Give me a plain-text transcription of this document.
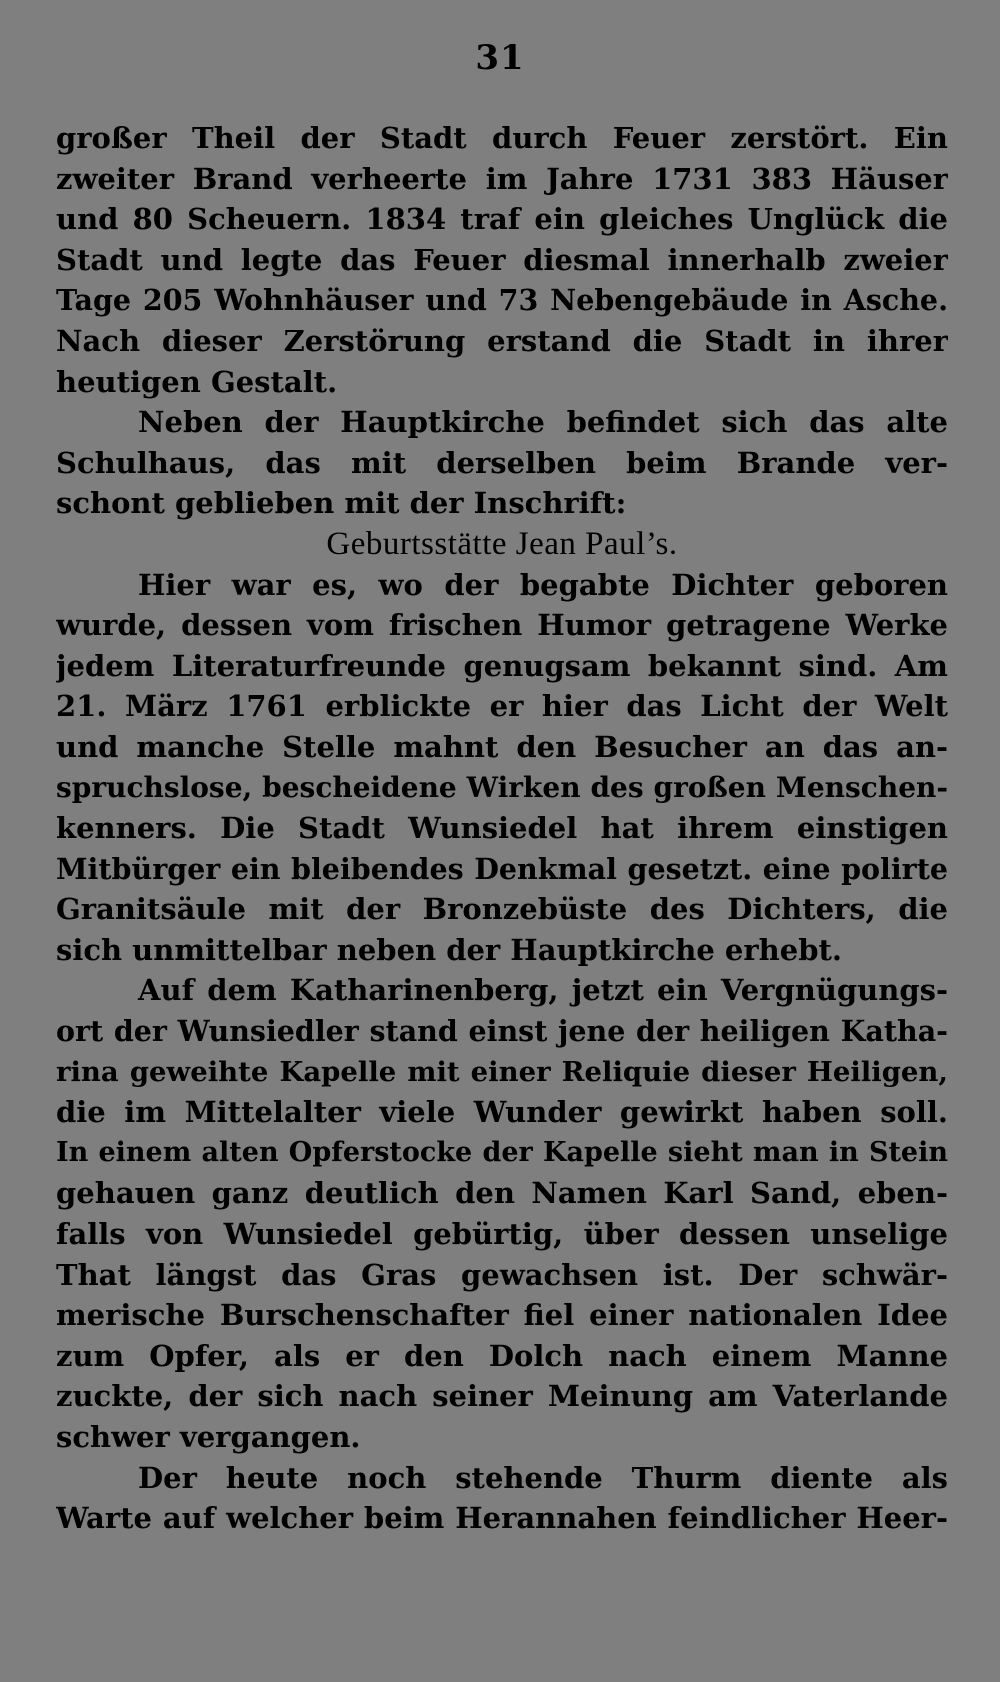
31
großer Theil der Stadt durch Feuer zerstört. Ein
zweiter Brand verheerte im Jahre 1731 383 Häuser
und 80 Scheuern. 1834 traf ein gleiches Unglück die
Stadt und legte das Feuer diesmal innerhalb zweier
Tage 205 Wohnhäuser und 73 Nebengebäude in Asche.
Nach dieser Zerstörung erstand die Stadt in ihrer
heutigen Gestalt.
Neben der Hauptkirche befindet sich das alte
Schulhaus, das mit derselben beim Brande ver-
schont geblieben mit der Inschrift:
Geburtsstätte Jean Paul’s.
Hier war es, wo der begabte Dichter geboren
wurde, dessen vom frischen Humor getragene Werke
jedem Literaturfreunde genugsam bekannt sind. Am
21. März 1761 erblickte er hier das Licht der Welt
und manche Stelle mahnt den Besucher an das an-
spruchslose, bescheidene Wirken des großen Menschen-
kenners. Die Stadt Wunsiedel hat ihrem einstigen
Mitbürger ein bleibendes Denkmal gesetzt. eine polirte
Granitsäule mit der Bronzebüste des Dichters, die
sich unmittelbar neben der Hauptkirche erhebt.
Auf dem Katharinenberg, jetzt ein Vergnügungs-
ort der Wunsiedler stand einst jene der heiligen Katha-
rina geweihte Kapelle mit einer Reliquie dieser Heiligen,
die im Mittelalter viele Wunder gewirkt haben soll.
In einem alten Opferstocke der Kapelle sieht man in Stein
gehauen ganz deutlich den Namen Karl Sand, eben-
falls von Wunsiedel gebürtig, über dessen unselige
That längst das Gras gewachsen ist. Der schwär-
merische Burschenschafter fiel einer nationalen Idee
zum Opfer, als er den Dolch nach einem Manne
zuckte, der sich nach seiner Meinung am Vaterlande
schwer vergangen.
Der heute noch stehende Thurm diente als
Warte auf welcher beim Herannahen feindlicher Heer-
